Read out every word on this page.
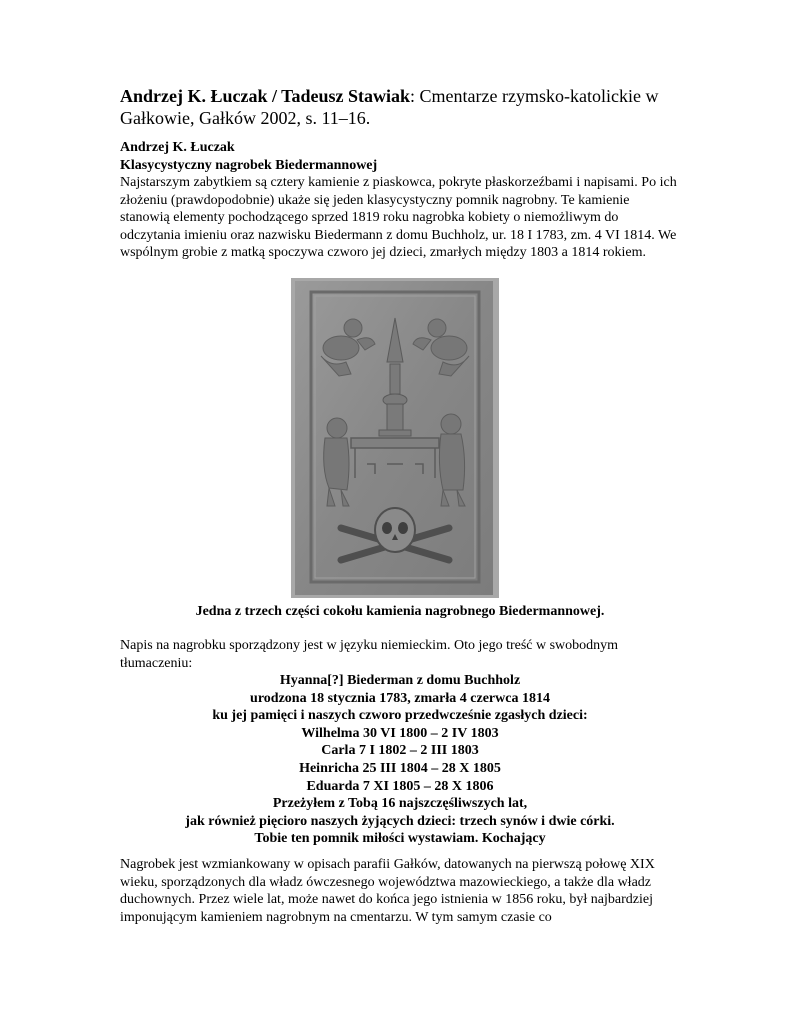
Andrzej K. Łuczak / Tadeusz Stawiak: Cmentarze rzymsko-katolickie w Gałkowie, Gałków 2002, s. 11–16.
Andrzej K. Łuczak
Klasycystyczny nagrobek Biedermannowej
Najstarszym zabytkiem są cztery kamienie z piaskowca, pokryte płaskorzeźbami i napisami. Po ich złożeniu (prawdopodobnie) ukaże się jeden klasycystyczny pomnik nagrobny. Te kamienie stanowią elementy pochodzącego sprzed 1819 roku nagrobka kobiety o niemożliwym do odczytania imieniu oraz nazwisku Biedermann z domu Buchholz, ur. 18 I 1783, zm. 4 VI 1814. We wspólnym grobie z matką spoczywa czworo jej dzieci, zmarłych między 1803 a 1814 rokiem.
Jedna z trzech części cokołu kamienia nagrobnego Biedermannowej.
Napis na nagrobku sporządzony jest w języku niemieckim. Oto jego treść w swobodnym tłumaczeniu:
Hyanna[?] Biederman z domu Buchholz
urodzona 18 stycznia 1783, zmarła 4 czerwca 1814
ku jej pamięci i naszych czworo przedwcześnie zgasłych dzieci:
Wilhelma 30 VI 1800 – 2 IV 1803
Carla 7 I 1802 – 2 III 1803
Heinricha 25 III 1804 – 28 X 1805
Eduarda 7 XI 1805 – 28 X 1806
Przeżyłem z Tobą 16 najszczęśliwszych lat,
jak również pięcioro naszych żyjących dzieci: trzech synów i dwie córki.
Tobie ten pomnik miłości wystawiam. Kochający
Nagrobek jest wzmiankowany w opisach parafii Gałków, datowanych na pierwszą połowę XIX wieku, sporządzonych dla władz ówczesnego województwa mazowieckiego, a także dla władz duchownych. Przez wiele lat, może nawet do końca jego istnienia w 1856 roku, był najbardziej imponującym kamieniem nagrobnym na cmentarzu. W tym samym czasie co
